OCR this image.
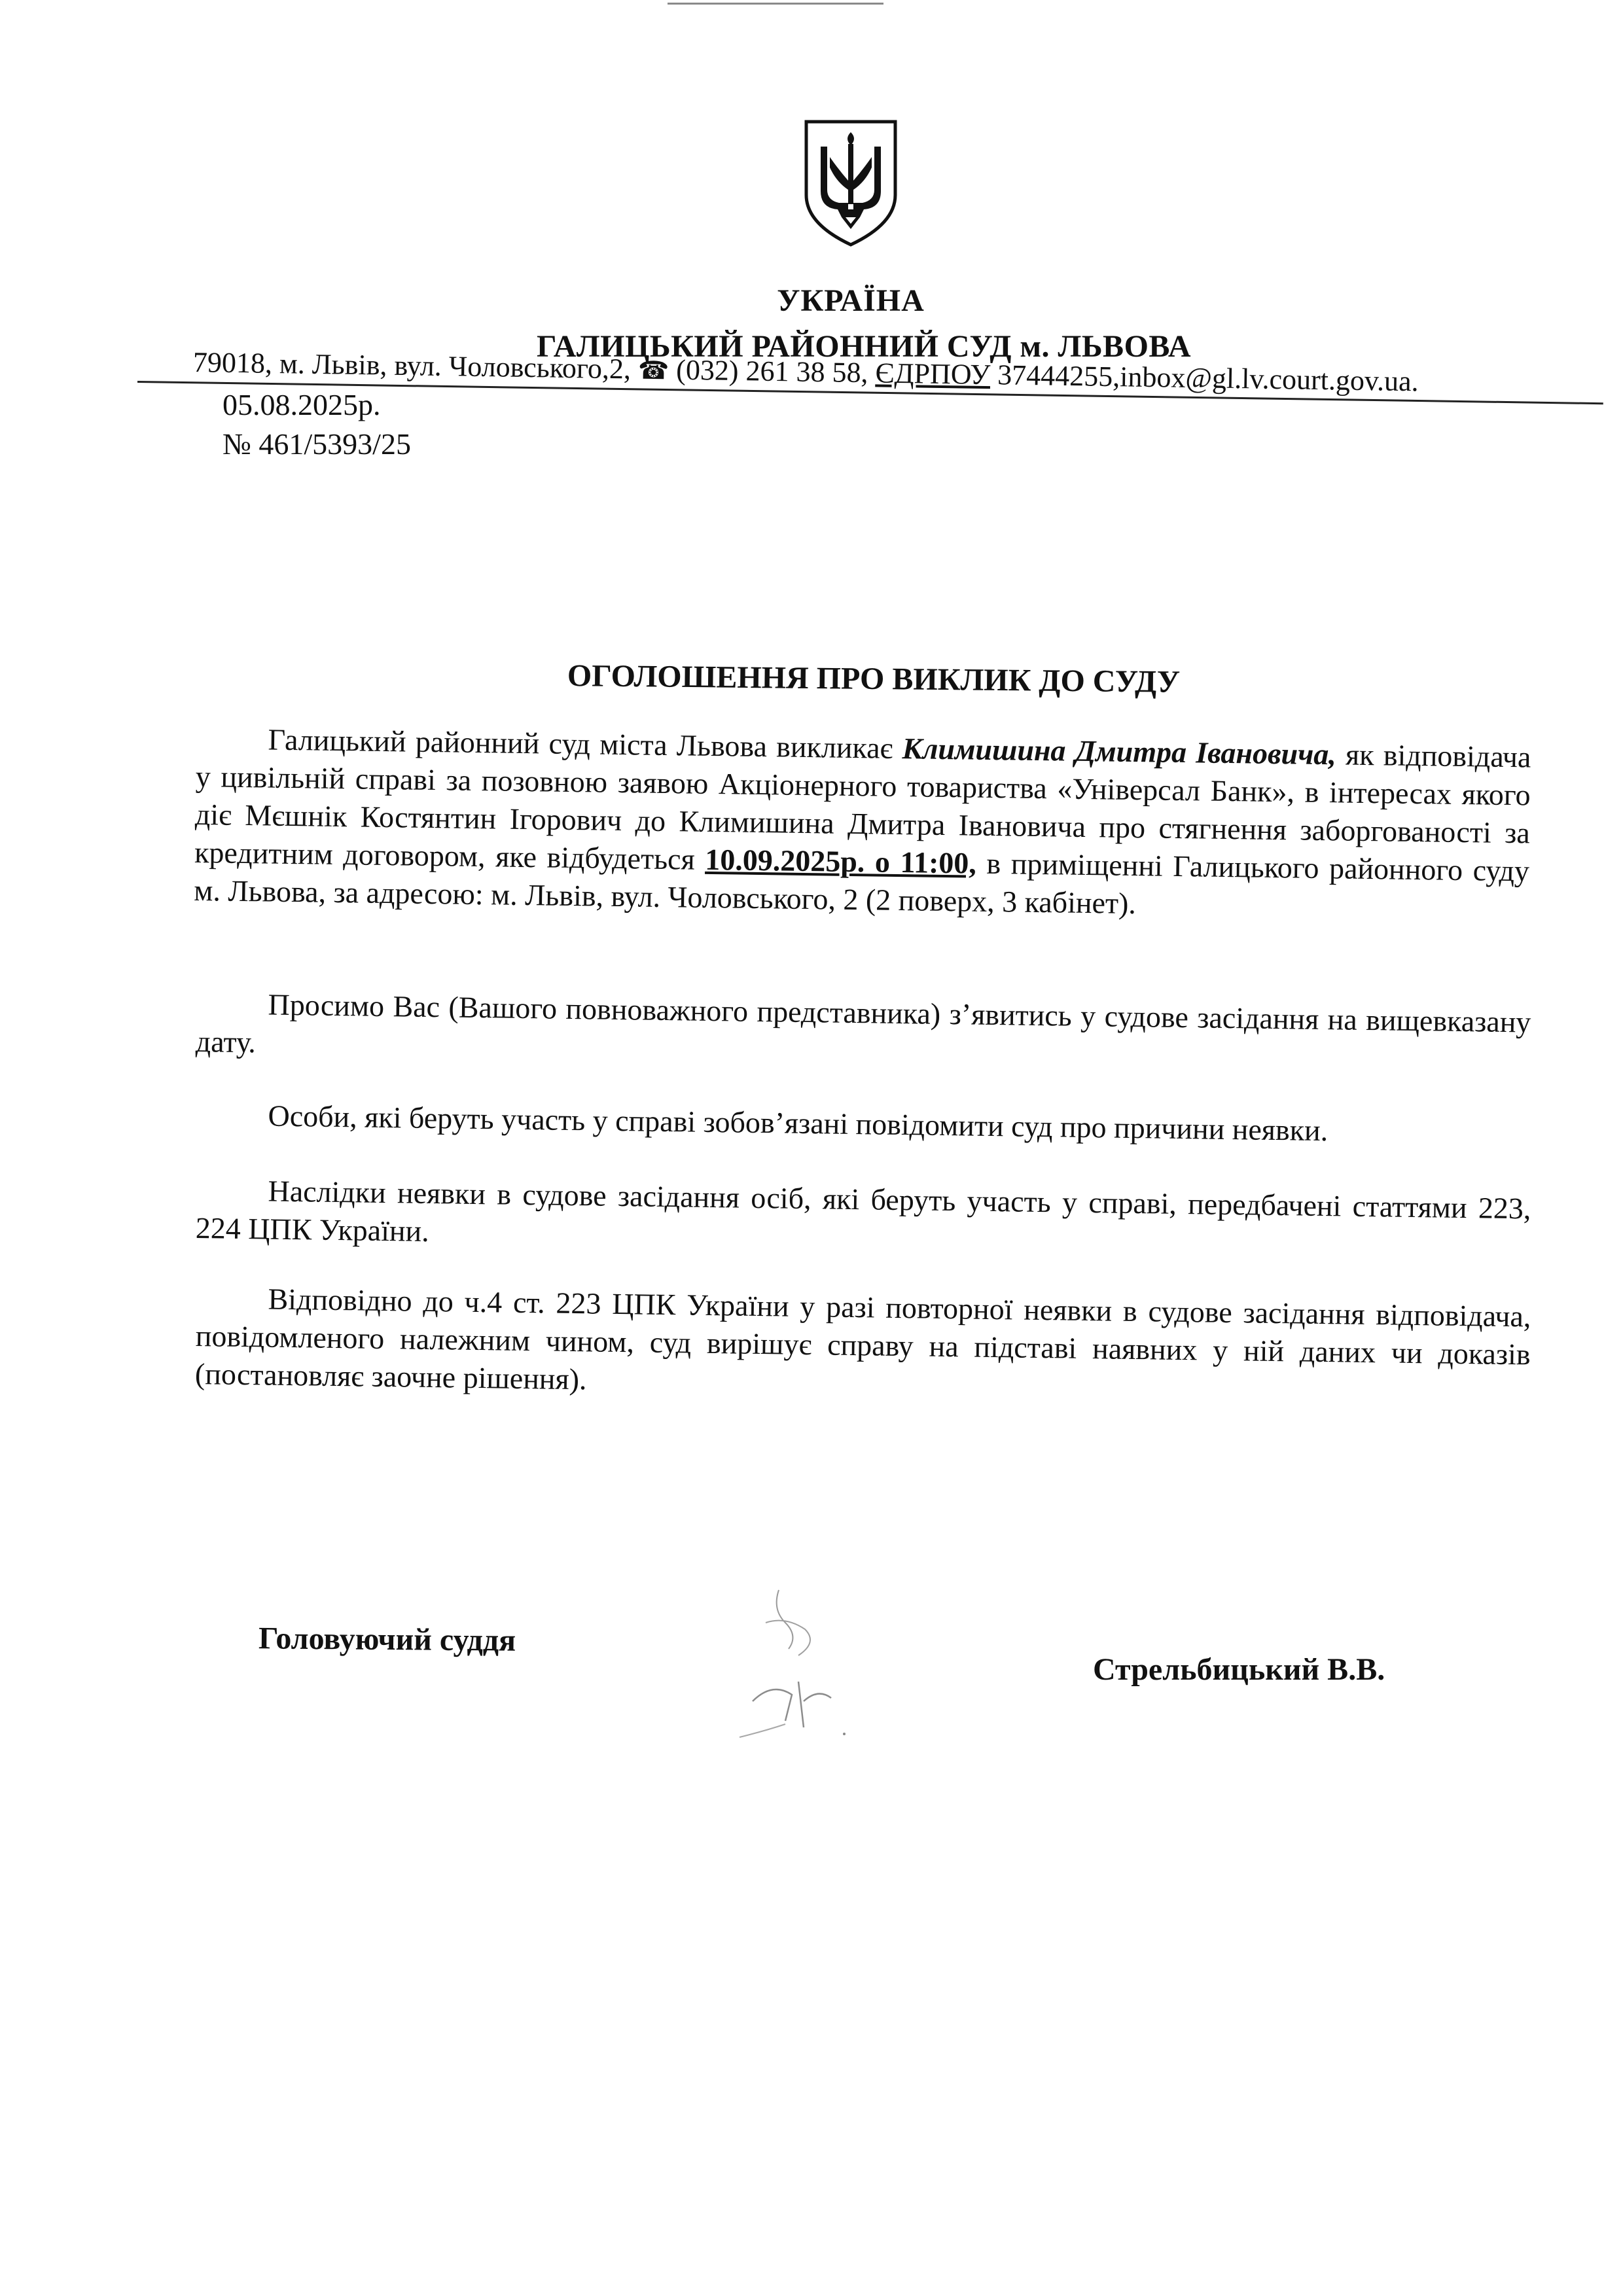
УКРАЇНА
ГАЛИЦЬКИЙ РАЙОННИЙ СУД м. ЛЬВОВА
79018, м. Львів, вул. Чоловського,2, ☎ (032) 261 38 58, ЄДРПОУ 37444255,inbox@gl.lv.court.gov.ua.
05.08.2025р.
№ 461/5393/25
ОГОЛОШЕННЯ ПРО ВИКЛИК ДО СУДУ
Галицький районний суд міста Львова викликає Климишина Дмитра Івановича, як відповідача у цивільній справі за позовною заявою Акціонерного товариства «Універсал Банк», в інтересах якого діє Мєшнік Костянтин Ігорович до Климишина Дмитра Івановича про стягнення заборгованості за кредитним договором, яке відбудеться 10.09.2025р. о 11:00, в приміщенні Галицького районного суду м. Львова, за адресою: м. Львів, вул. Чоловського, 2 (2 поверх, 3 кабінет).
Просимо Вас (Вашого повноважного представника) з’явитись у судове засідання на вищевказану дату.
Особи, які беруть участь у справі зобов’язані повідомити суд про причини неявки.
Наслідки неявки в судове засідання осіб, які беруть участь у справі, передбачені статтями 223, 224 ЦПК України.
Відповідно до ч.4 ст. 223 ЦПК України у разі повторної неявки в судове засідання відповідача, повідомленого належним чином, суд вирішує справу на підставі наявних у ній даних чи доказів (постановляє заочне рішення).
Головуючий суддя
Стрельбицький В.В.
